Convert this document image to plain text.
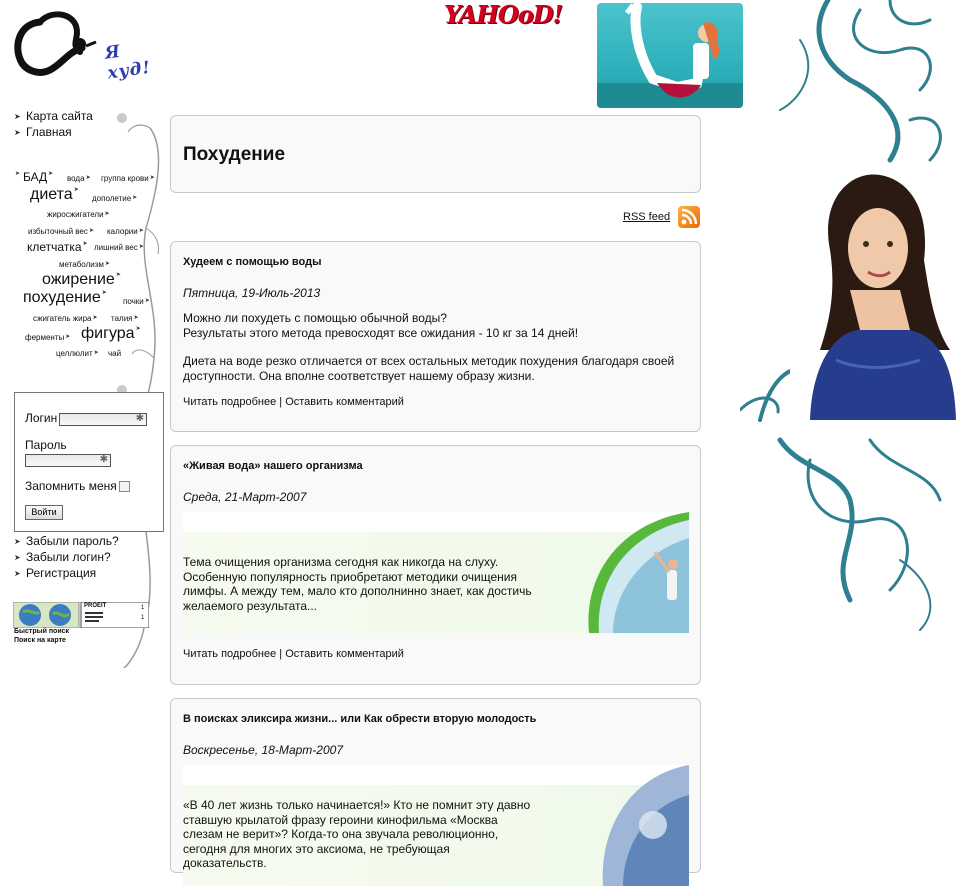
Я худ!
YAHOoD!
➤ Карта сайта
➤ Главная
➤ БАД➤	вода➤	группа крови➤
диета➤
дополетие➤
жиросжигатели➤
избыточный вес➤	калории➤
клетчатка➤ лишний вес➤
метаболизм➤
ожирение➤
похудение➤
почки➤
сжигатель жира➤	талия➤
ферменты➤ фигура➤
целлюлит➤	чай
Логин	✱
Пароль
✱
Запомнить меня
Войти
➤ Забыли пароль?
➤ Забыли логин?
➤ Регистрация
PROEIT	1
1
Быстрый поиск
Поиск на карте
Похудение
RSS feed
Худеем с помощью воды
Пятница, 19-Июль-2013

Можно ли похудеть с помощью обычной воды?
Результаты этого метода превосходят все ожидания - 10 кг за 14 дней!

Диета на воде резко отличается от всех остальных методик похудения благодаря своей
доступности. Она вполне соответствует нашему образу жизни.

Читать подробнее | Оставить комментарий
«Живая вода» нашего организма
Среда, 21-Март-2007

Тема очищения организма сегодня как никогда на слуху.
Особенную популярность приобретают методики очищения
лимфы. А между тем, мало кто дополнинно знает, как достичь
желаемого результата...

Читать подробнее | Оставить комментарий
В поисках эликсира жизни... или Как обрести вторую молодость
Воскресенье, 18-Март-2007

«В 40 лет жизнь только начинается!» Кто не помнит эту давно
ставшую крылатой фразу героини кинофильма «Москва
слезам не верит»? Когда-то она звучала революционно,
сегодня для многих это аксиома, не требующая
доказательств.
